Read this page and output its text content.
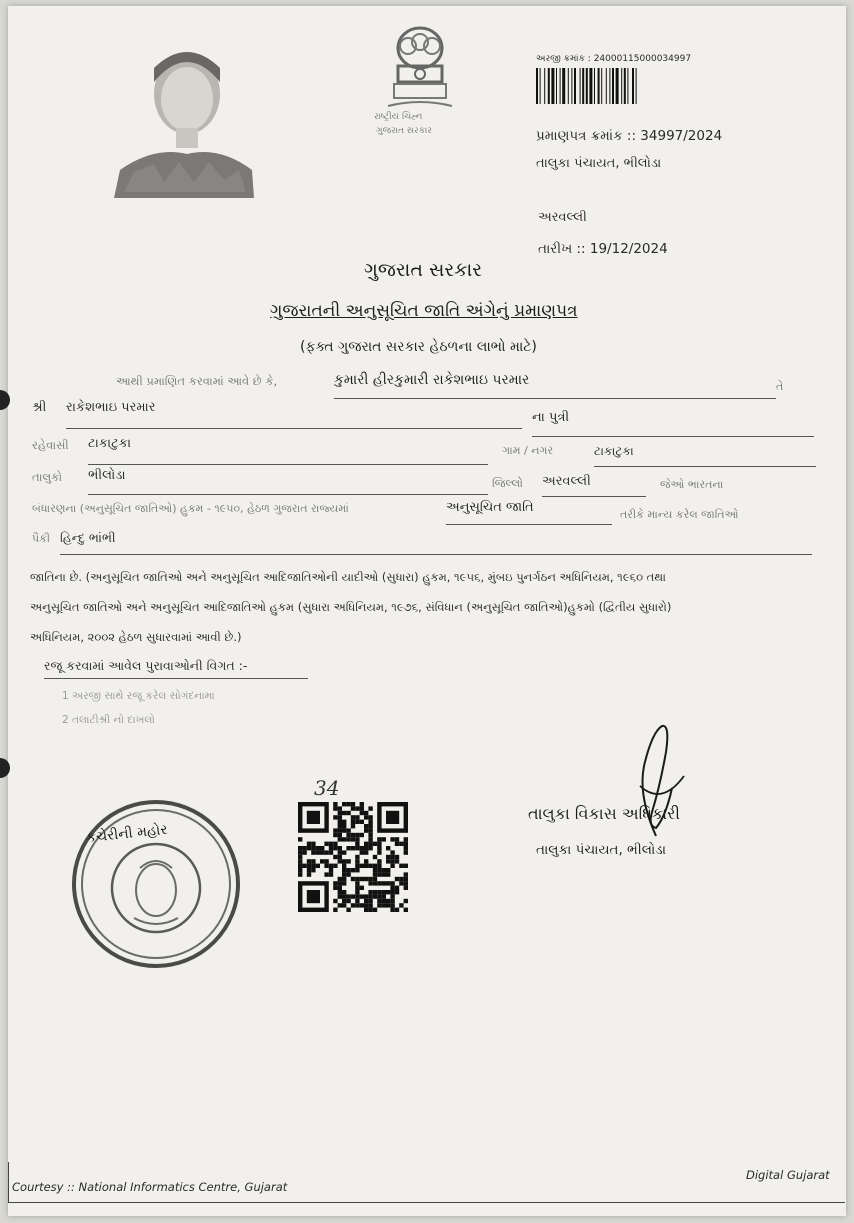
રાષ્ટ્રીય ચિહ્ન
ગુજરાત સરકાર
અરજી ક્રમાંક : 24000115000034997
પ્રમાણપત્ર ક્રમાંક :: 34997/2024
તાલુકા પંચાયત, ભીલોડા
અરવલ્લી
તારીખ :: 19/12/2024
ગુજરાત સરકાર
ગુજરાતની અનુસૂચિત જાતિ અંગેનું પ્રમાણપત્ર
(ફક્ત ગુજરાત સરકાર હેઠળના લાભો માટે)
આથી પ્રમાણિત કરવામાં આવે છે કે,	કુમારી હીરકુમારી રાકેશભાઇ પરમાર	તે
શ્રી રાકેશભાઇ પરમાર
ના પુત્રી
રહેવાસી ટાકાટુકા	ગામ / નગર	ટાકાટુકા
તાલુકો ભીલોડા	જિલ્લો અરવલ્લી	જેઓ ભારતના
બંધારણના (અનુસૂચિત જાતિઓ) હુકમ - ૧૯૫૦, હેઠળ ગુજરાત રાજ્યમાં	અનુસૂચિત જાતિ	તરીકે માન્ય કરેલ જાતિઓ
પૈકી હિન્દુ ભાંભી
જાતિના છે. (અનુસૂચિત જાતિઓ અને અનુસૂચિત આદિજાતિઓની યાદીઓ (સુધારા) હુકમ, ૧૯૫૬, મુંબઇ પુનર્ગઠન અધિનિયમ, ૧૯૬૦ તથા
અનુસૂચિત જાતિઓ અને અનુસૂચિત આદિજાતિઓ હુકમ (સુધારા અધિનિયમ, ૧૯૭૬, સંવિધાન (અનુસૂચિત જાતિઓ)હુકમો (દ્વિતીય સુધારો)
અધિનિયમ, ૨૦૦૨ હેઠળ સુધારવામાં આવી છે.)
રજૂ કરવામાં આવેલ પુરાવાઓની વિગત :-
1 અરજી સાથે રજૂ કરેલ સોગંદનામા
2 તલાટીશ્રી નો દાખલો
34
તાલુકા વિકાસ અધિકારી
તાલુકા પંચાયત, ભીલોડા
કચેરીની મહોર
Courtesy :: National Informatics Centre, Gujarat
Digital Gujarat
